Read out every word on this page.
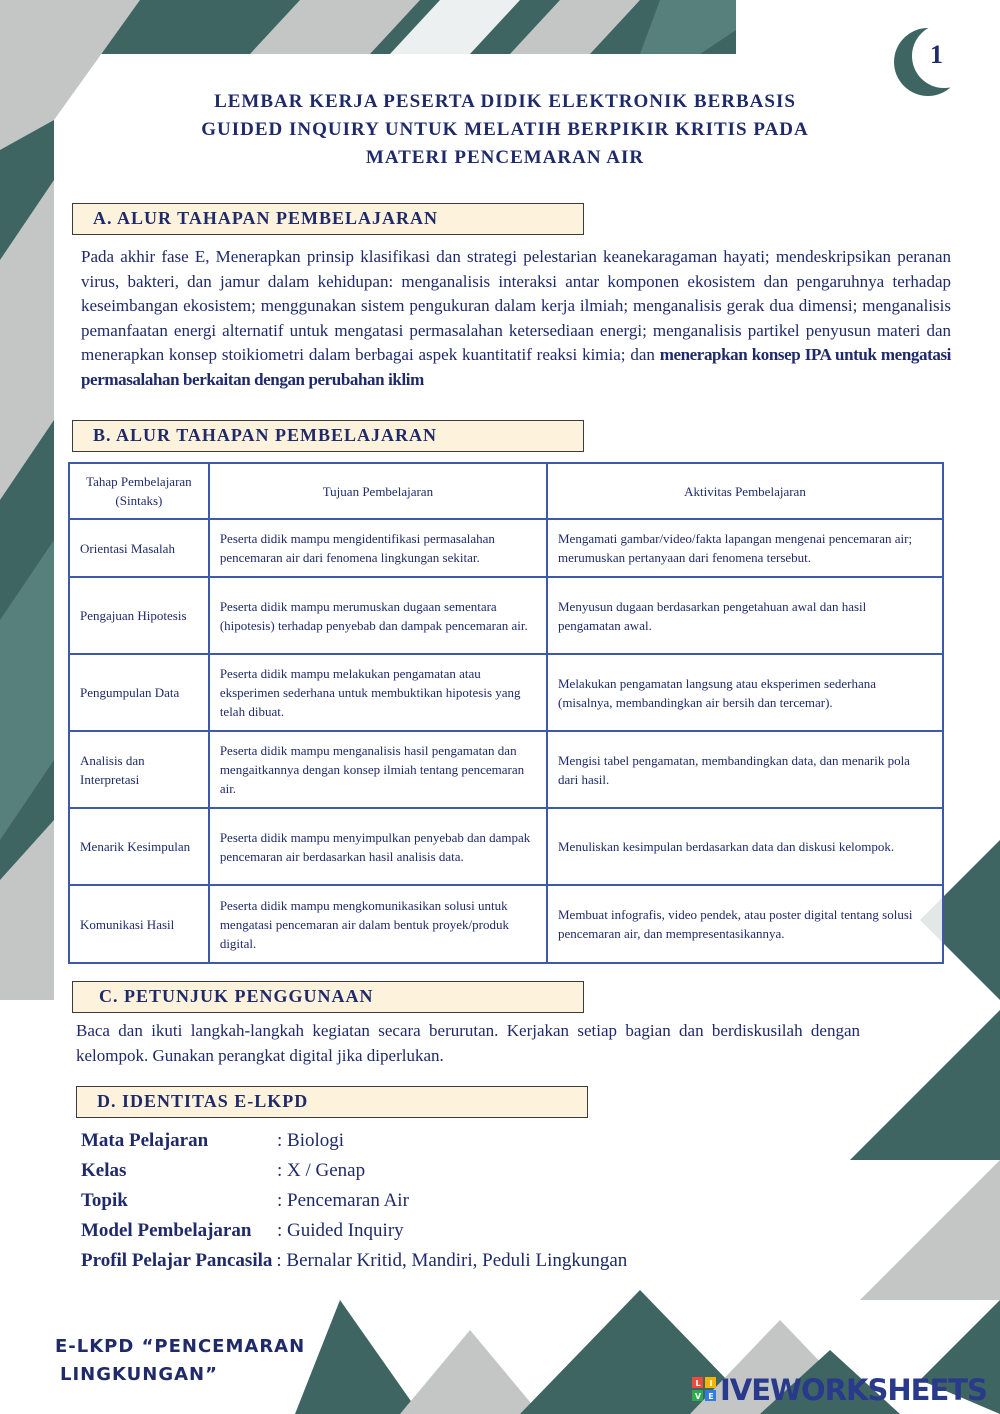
1
LEMBAR KERJA PESERTA DIDIK ELEKTRONIK BERBASIS
GUIDED INQUIRY UNTUK MELATIH BERPIKIR KRITIS PADA
MATERI PENCEMARAN AIR
A. ALUR TAHAPAN PEMBELAJARAN

Pada akhir fase E, Menerapkan prinsip klasifikasi dan strategi pelestarian keanekaragaman hayati; mendeskripsikan peranan virus, bakteri, dan jamur dalam kehidupan: menganalisis interaksi antar komponen ekosistem dan pengaruhnya terhadap keseimbangan ekosistem; menggunakan sistem pengukuran dalam kerja ilmiah; menganalisis gerak dua dimensi; menganalisis pemanfaatan energi alternatif untuk mengatasi permasalahan ketersediaan energi; menganalisis partikel penyusun materi dan menerapkan konsep stoikiometri dalam berbagai aspek kuantitatif reaksi kimia; dan menerapkan konsep IPA untuk mengatasi permasalahan berkaitan dengan perubahan iklim

B. ALUR TAHAPAN PEMBELAJARAN
Tahap Pembelajaran (Sintaks)	Tujuan Pembelajaran	Aktivitas Pembelajaran
Orientasi Masalah	Peserta didik mampu mengidentifikasi permasalahan pencemaran air dari fenomena lingkungan sekitar.	Mengamati gambar/video/fakta lapangan mengenai pencemaran air; merumuskan pertanyaan dari fenomena tersebut.
Pengajuan Hipotesis	Peserta didik mampu merumuskan dugaan sementara (hipotesis) terhadap penyebab dan dampak pencemaran air.	Menyusun dugaan berdasarkan pengetahuan awal dan hasil pengamatan awal.
Pengumpulan Data	Peserta didik mampu melakukan pengamatan atau eksperimen sederhana untuk membuktikan hipotesis yang telah dibuat.	Melakukan pengamatan langsung atau eksperimen sederhana (misalnya, membandingkan air bersih dan tercemar).
Analisis dan Interpretasi	Peserta didik mampu menganalisis hasil pengamatan dan mengaitkannya dengan konsep ilmiah tentang pencemaran air.	Mengisi tabel pengamatan, membandingkan data, dan menarik pola dari hasil.
Menarik Kesimpulan	Peserta didik mampu menyimpulkan penyebab dan dampak pencemaran air berdasarkan hasil analisis data.	Menuliskan kesimpulan berdasarkan data dan diskusi kelompok.
Komunikasi Hasil	Peserta didik mampu mengkomunikasikan solusi untuk mengatasi pencemaran air dalam bentuk proyek/produk digital.	Membuat infografis, video pendek, atau poster digital tentang solusi pencemaran air, dan mempresentasikannya.
C. PETUNJUK PENGGUNAAN

Baca dan ikuti langkah-langkah kegiatan secara berurutan. Kerjakan setiap bagian dan berdiskusilah dengan kelompok. Gunakan perangkat digital jika diperlukan.

D. IDENTITAS E-LKPD
Mata Pelajaran	: Biologi
Kelas	: X / Genap
Topik	: Pencemaran Air
Model Pembelajaran : Guided Inquiry
Profil Pelajar Pancasila : Bernalar Kritid, Mandiri, Peduli Lingkungan
E-LKPD “PENCEMARAN
LINGKUNGAN”	L I
V E IVEWORKSHEETS
